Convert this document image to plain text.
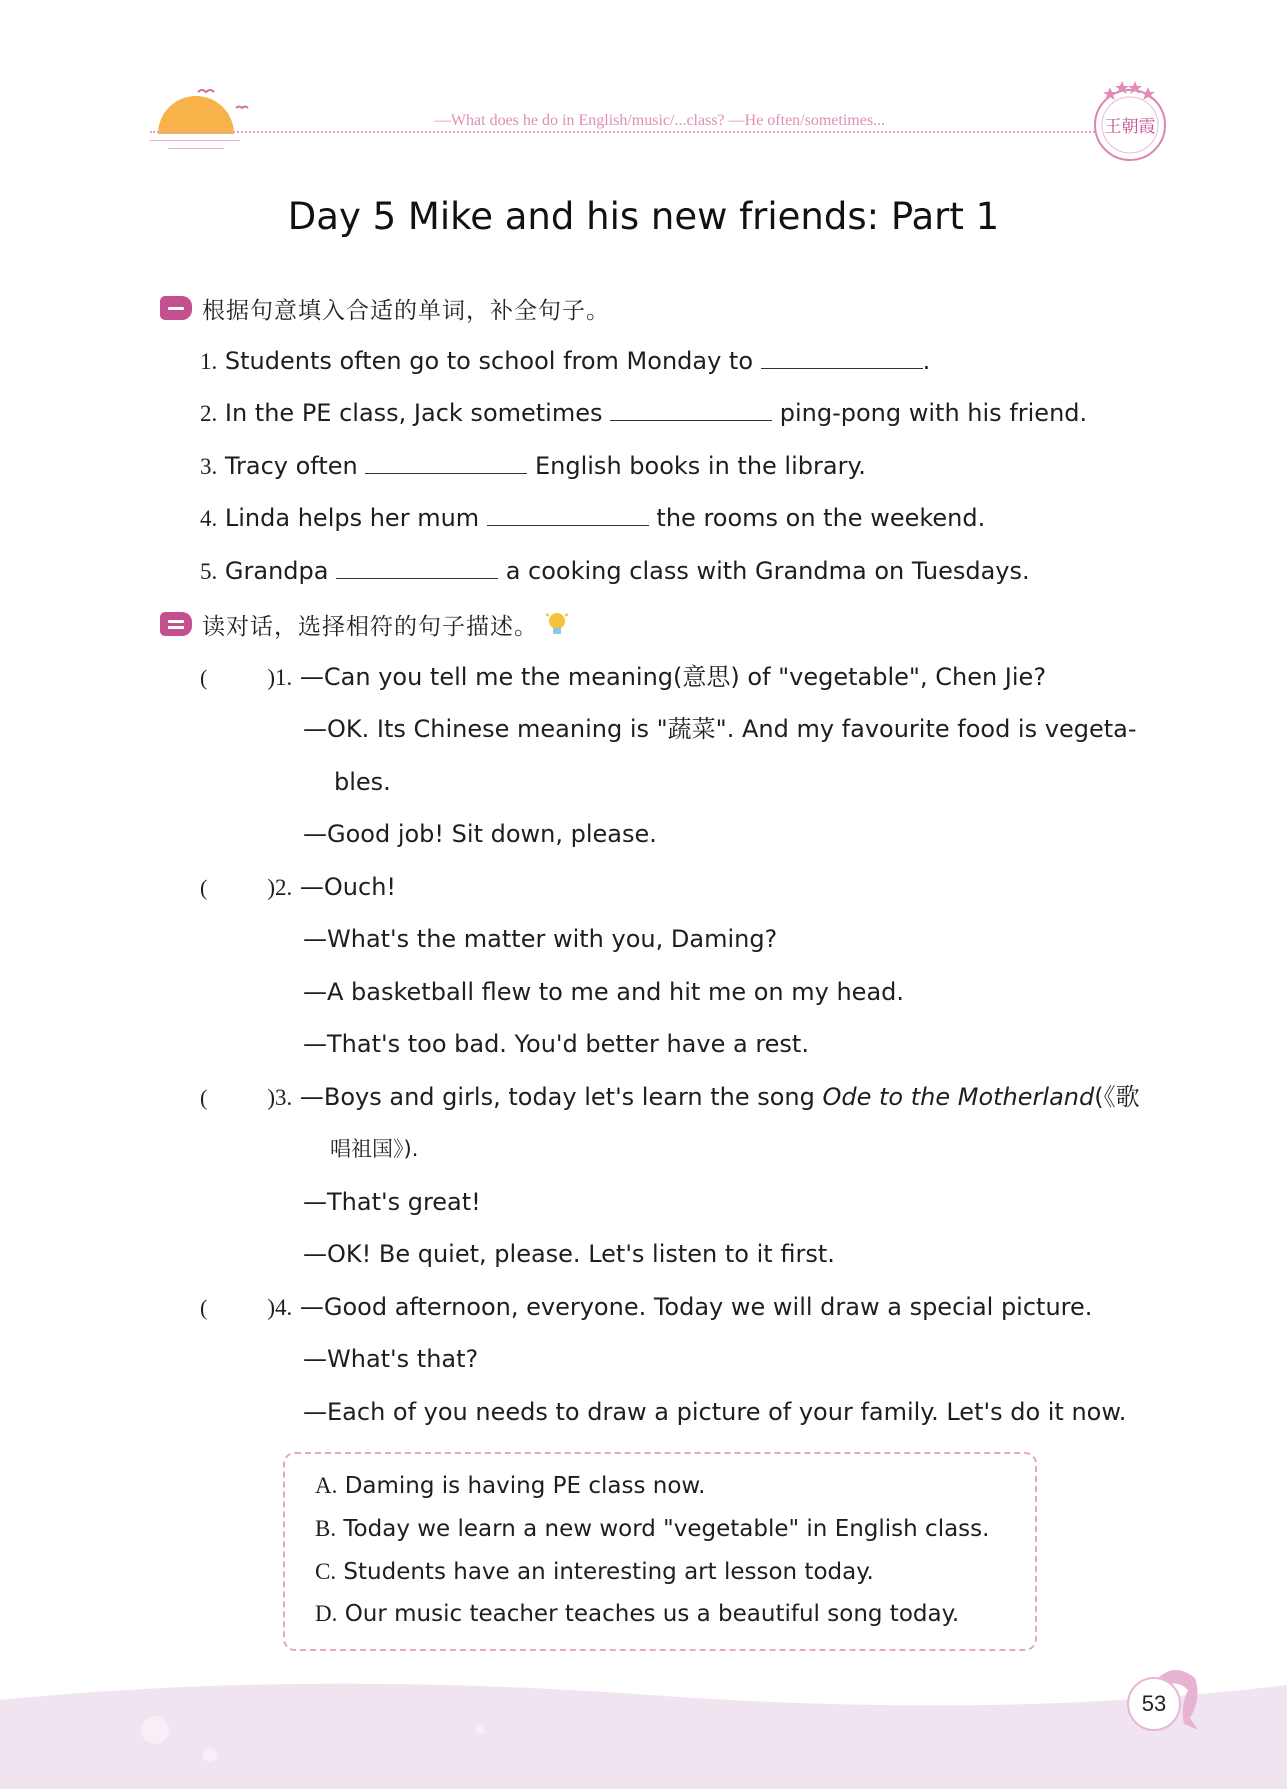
—What does he do in English/music/...class? —He often/sometimes...	王朝霞
Day 5 Mike and his new friends: Part 1
根据句意填入合适的单词，补全句子。
1. Students often go to school from Monday to	.
2. In the PE class, Jack sometimes	ping-pong with his friend.
3. Tracy often	English books in the library.
4. Linda helps her mum	the rooms on the weekend.
5. Grandpa	a cooking class with Grandma on Tuesdays.
读对话，选择相符的句子描述。
(	)1. —Can you tell me the meaning(意思) of "vegetable", Chen Jie?
—OK. Its Chinese meaning is "蔬菜". And my favourite food is vegeta-
bles.
—Good job! Sit down, please.
(	)2. —Ouch!
—What's the matter with you, Daming?
—A basketball flew to me and hit me on my head.
—That's too bad. You'd better have a rest.
(	)3. —Boys and girls, today let's learn the song Ode to the Motherland(《歌
唱祖国》).
—That's great!
—OK! Be quiet, please. Let's listen to it first.
(	)4. —Good afternoon, everyone. Today we will draw a special picture.
—What's that?
—Each of you needs to draw a picture of your family. Let's do it now.
A. Daming is having PE class now.
B. Today we learn a new word "vegetable" in English class.
C. Students have an interesting art lesson today.
D. Our music teacher teaches us a beautiful song today.
53
